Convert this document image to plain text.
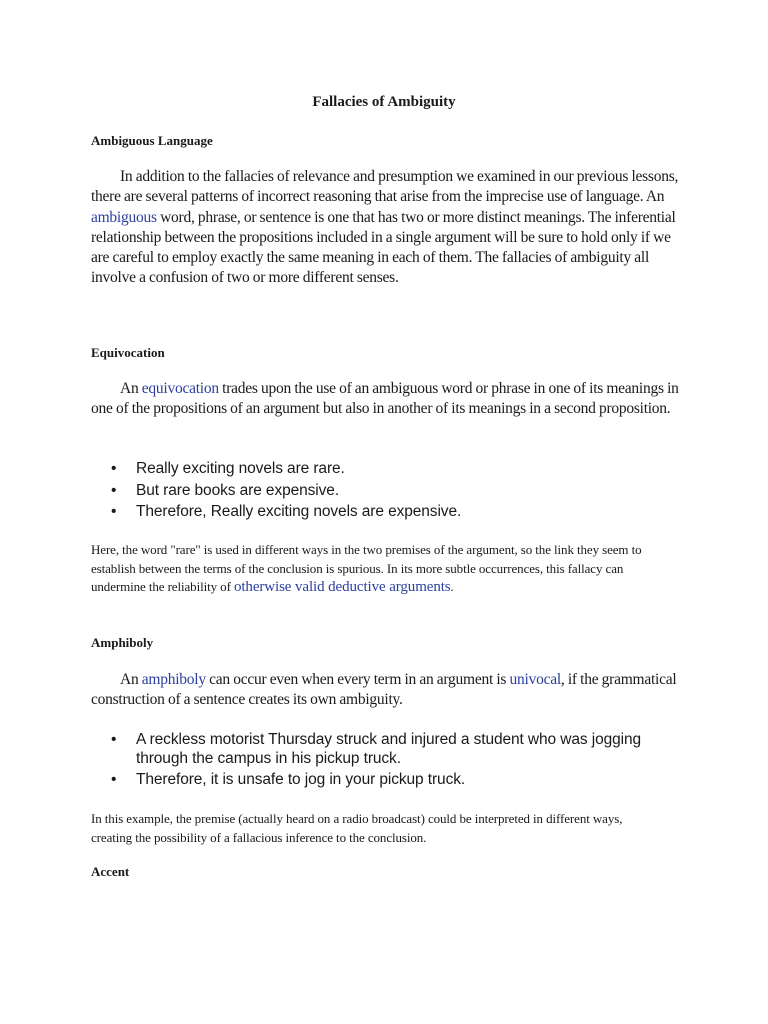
Fallacies of Ambiguity
Ambiguous Language

In addition to the fallacies of relevance and presumption we examined in our previous lessons, there are several patterns of incorrect reasoning that arise from the imprecise use of language. An ambiguous word, phrase, or sentence is one that has two or more distinct meanings. The inferential relationship between the propositions included in a single argument will be sure to hold only if we are careful to employ exactly the same meaning in each of them. The fallacies of ambiguity all involve a confusion of two or more different senses.

Equivocation

An equivocation trades upon the use of an ambiguous word or phrase in one of its meanings in one of the propositions of an argument but also in another of its meanings in a second proposition.

• Really exciting novels are rare.
• But rare books are expensive.
• Therefore, Really exciting novels are expensive.

Here, the word "rare" is used in different ways in the two premises of the argument, so the link they seem to establish between the terms of the conclusion is spurious. In its more subtle occurrences, this fallacy can undermine the reliability of otherwise valid deductive arguments.

Amphiboly

An amphiboly can occur even when every term in an argument is univocal, if the grammatical construction of a sentence creates its own ambiguity.

• A reckless motorist Thursday struck and injured a student who was jogging through the campus in his pickup truck.
• Therefore, it is unsafe to jog in your pickup truck.

In this example, the premise (actually heard on a radio broadcast) could be interpreted in different ways, creating the possibility of a fallacious inference to the conclusion.

Accent
